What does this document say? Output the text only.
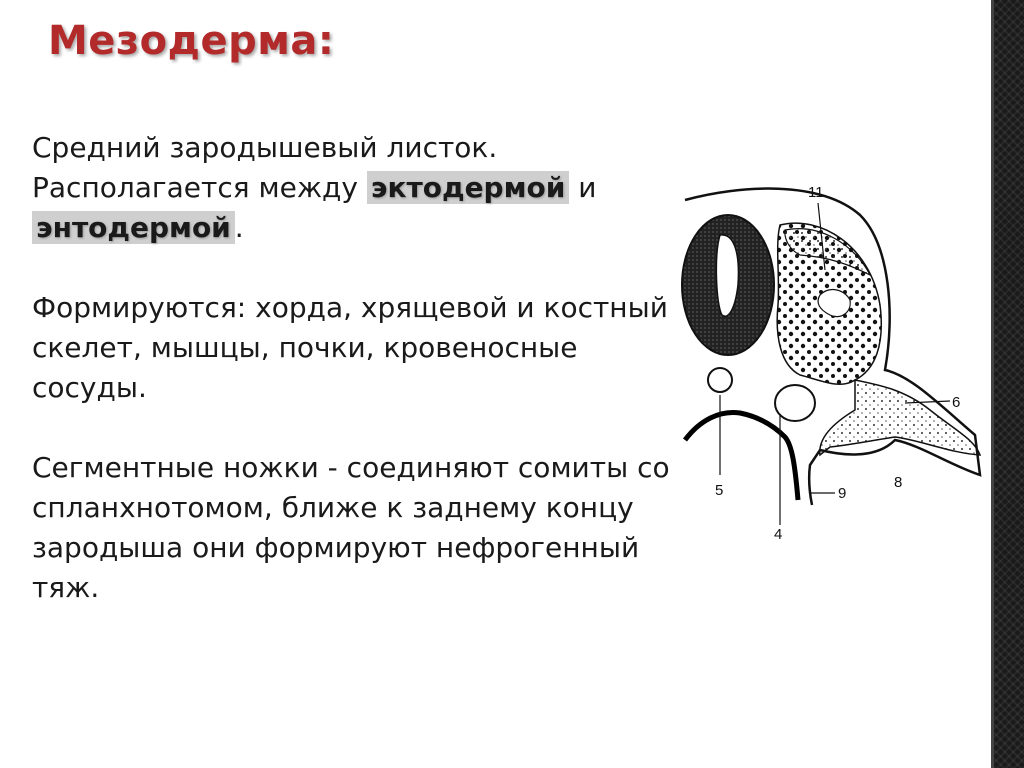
Мезодерма:

Средний зародышевый листок. Располагается между эктодермой и энтодермой .

Формируются: хорда, хрящевой и костный скелет, мышцы, почки, кровеносные сосуды.

Сегментные ножки - соединяют сомиты со спланхнотомом, ближе к заднему концу зародыша они формируют нефрогенный тяж.

11
6
5
4
9
8
